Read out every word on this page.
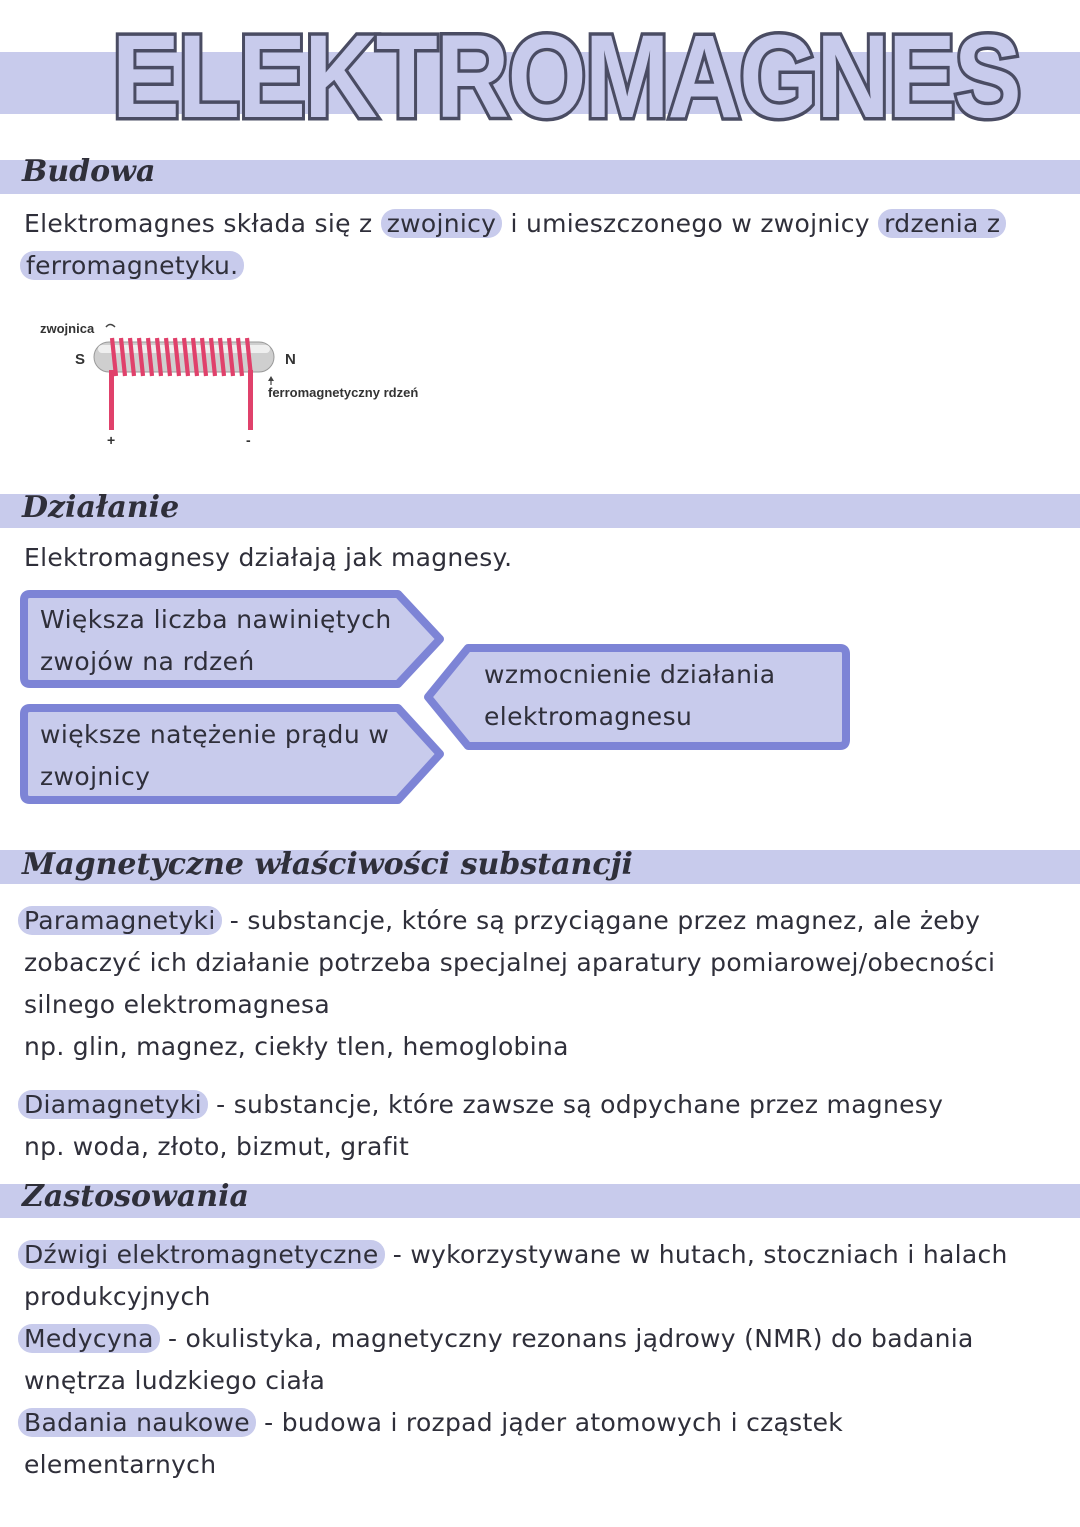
ELEKTROMAGNES
Budowa

Elektromagnes składa się z zwojnicy i umieszczonego w zwojnicy rdzenia z
ferromagnetyku.

zwojnica
S	N
ferromagnetyczny rdzeń
+	-
Działanie

Elektromagnesy działają jak magnesy.

Większa liczba nawiniętych
zwojów na rdzeń

większe natężenie prądu w
zwojnicy

wzmocnienie działania
elektromagnesu

Magnetyczne właściwości substancji

Paramagnetyki - substancje, które są przyciągane przez magnez, ale żeby
zobaczyć ich działanie potrzeba specjalnej aparatury pomiarowej/obecności
silnego elektromagnesa
np. glin, magnez, ciekły tlen, hemoglobina

Diamagnetyki - substancje, które zawsze są odpychane przez magnesy
np. woda, złoto, bizmut, grafit

Zastosowania

Dźwigi elektromagnetyczne - wykorzystywane w hutach, stoczniach i halach
produkcyjnych
Medycyna - okulistyka, magnetyczny rezonans jądrowy (NMR) do badania
wnętrza ludzkiego ciała
Badania naukowe - budowa i rozpad jąder atomowych i cząstek
elementarnych
